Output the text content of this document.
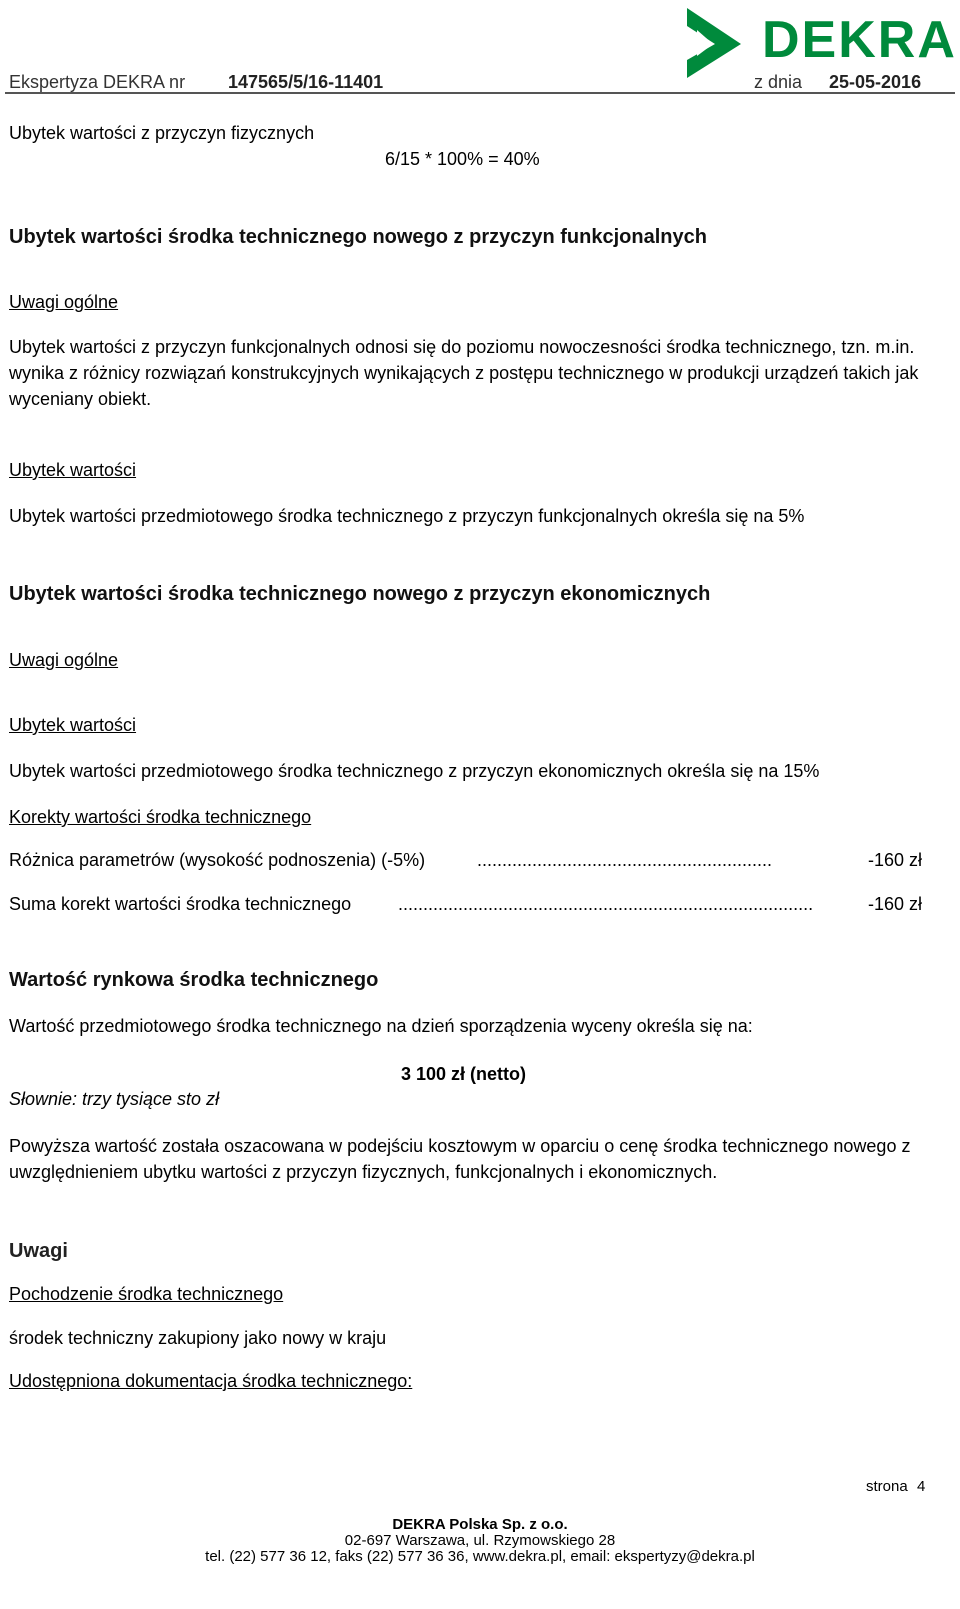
DEKRA
Ekspertyza DEKRA nr 147565/5/16-11401	z dnia 25-05-2016
Ubytek wartości z przyczyn fizycznych
6/15 * 100% = 40%
Ubytek wartości środka technicznego nowego z przyczyn funkcjonalnych
Uwagi ogólne
Ubytek wartości z przyczyn funkcjonalnych odnosi się do poziomu nowoczesności środka technicznego, tzn. m.in. wynika z różnicy rozwiązań konstrukcyjnych wynikających z postępu technicznego w produkcji urządzeń takich jak wyceniany obiekt.
Ubytek wartości
Ubytek wartości przedmiotowego środka technicznego z przyczyn funkcjonalnych określa się na 5%
Ubytek wartości środka technicznego nowego z przyczyn ekonomicznych
Uwagi ogólne
Ubytek wartości
Ubytek wartości przedmiotowego środka technicznego z przyczyn ekonomicznych określa się na 15%
Korekty wartości środka technicznego
Różnica parametrów (wysokość podnoszenia) (-5%)	...........................................................	-160 zł
Suma korekt wartości środka technicznego	...................................................................................	-160 zł
Wartość rynkowa środka technicznego
Wartość przedmiotowego środka technicznego na dzień sporządzenia wyceny określa się na:
3 100 zł (netto)
Słownie: trzy tysiące sto zł
Powyższa wartość została oszacowana w podejściu kosztowym w oparciu o cenę środka technicznego nowego z uwzględnieniem ubytku wartości z przyczyn fizycznych, funkcjonalnych i ekonomicznych.
Uwagi
Pochodzenie środka technicznego
środek techniczny zakupiony jako nowy w kraju
Udostępniona dokumentacja środka technicznego:
strona 4
DEKRA Polska Sp. z o.o.
02-697 Warszawa, ul. Rzymowskiego 28
tel. (22) 577 36 12, faks (22) 577 36 36, www.dekra.pl, email: ekspertyzy@dekra.pl
